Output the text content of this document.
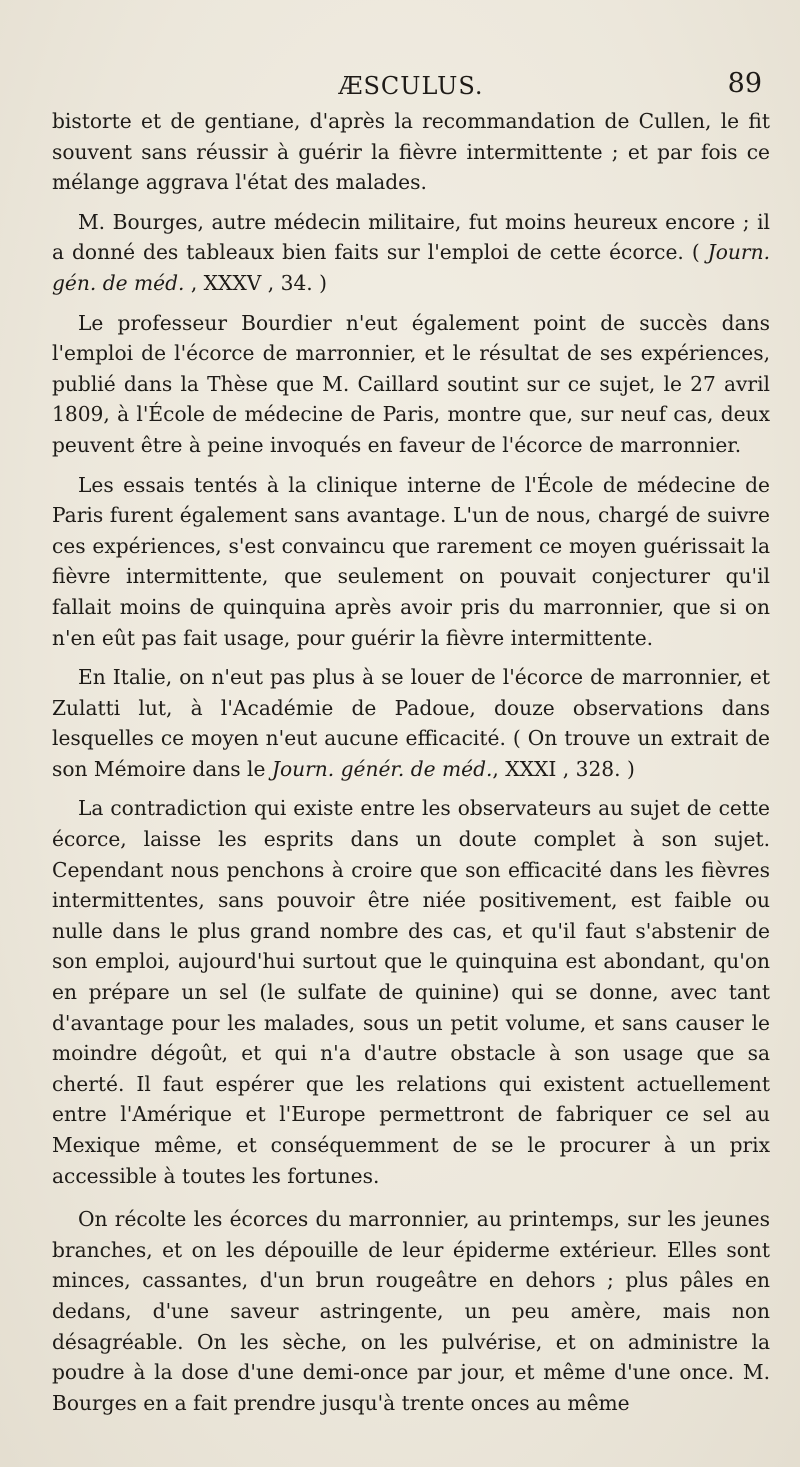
ÆSCULUS.	89

bistorte et de gentiane, d'après la recommandation de Cullen, le fit souvent sans réussir à guérir la fièvre intermittente ; et par fois ce mélange aggrava l'état des malades.

M. Bourges, autre médecin militaire, fut moins heureux encore ; il a donné des tableaux bien faits sur l'emploi de cette écorce. ( Journ. gén. de méd. , XXXV , 34. )

Le professeur Bourdier n'eut également point de succès dans l'emploi de l'écorce de marronnier, et le résultat de ses expériences, publié dans la Thèse que M. Caillard soutint sur ce sujet, le 27 avril 1809, à l'École de médecine de Paris, montre que, sur neuf cas, deux peuvent être à peine invoqués en faveur de l'écorce de marronnier.

Les essais tentés à la clinique interne de l'École de médecine de Paris furent également sans avantage. L'un de nous, chargé de suivre ces expériences, s'est convaincu que rarement ce moyen guérissait la fièvre intermittente, que seulement on pouvait conjecturer qu'il fallait moins de quinquina après avoir pris du marronnier, que si on n'en eût pas fait usage, pour guérir la fièvre intermittente.

En Italie, on n'eut pas plus à se louer de l'écorce de marronnier, et Zulatti lut, à l'Académie de Padoue, douze observations dans lesquelles ce moyen n'eut aucune efficacité. ( On trouve un extrait de son Mémoire dans le Journ. génér. de méd., XXXI , 328. )

La contradiction qui existe entre les observateurs au sujet de cette écorce, laisse les esprits dans un doute complet à son sujet. Cependant nous penchons à croire que son efficacité dans les fièvres intermittentes, sans pouvoir être niée positivement, est faible ou nulle dans le plus grand nombre des cas, et qu'il faut s'abstenir de son emploi, aujourd'hui surtout que le quinquina est abondant, qu'on en prépare un sel (le sulfate de quinine) qui se donne, avec tant d'avantage pour les malades, sous un petit volume, et sans causer le moindre dégoût, et qui n'a d'autre obstacle à son usage que sa cherté. Il faut espérer que les relations qui existent actuellement entre l'Amérique et l'Europe permettront de fabriquer ce sel au Mexique même, et conséquemment de se le procurer à un prix accessible à toutes les fortunes.

On récolte les écorces du marronnier, au printemps, sur les jeunes branches, et on les dépouille de leur épiderme extérieur. Elles sont minces, cassantes, d'un brun rougeâtre en dehors ; plus pâles en dedans, d'une saveur astringente, un peu amère, mais non désagréable. On les sèche, on les pulvérise, et on administre la poudre à la dose d'une demi-once par jour, et même d'une once. M. Bourges en a fait prendre jusqu'à trente onces au même
